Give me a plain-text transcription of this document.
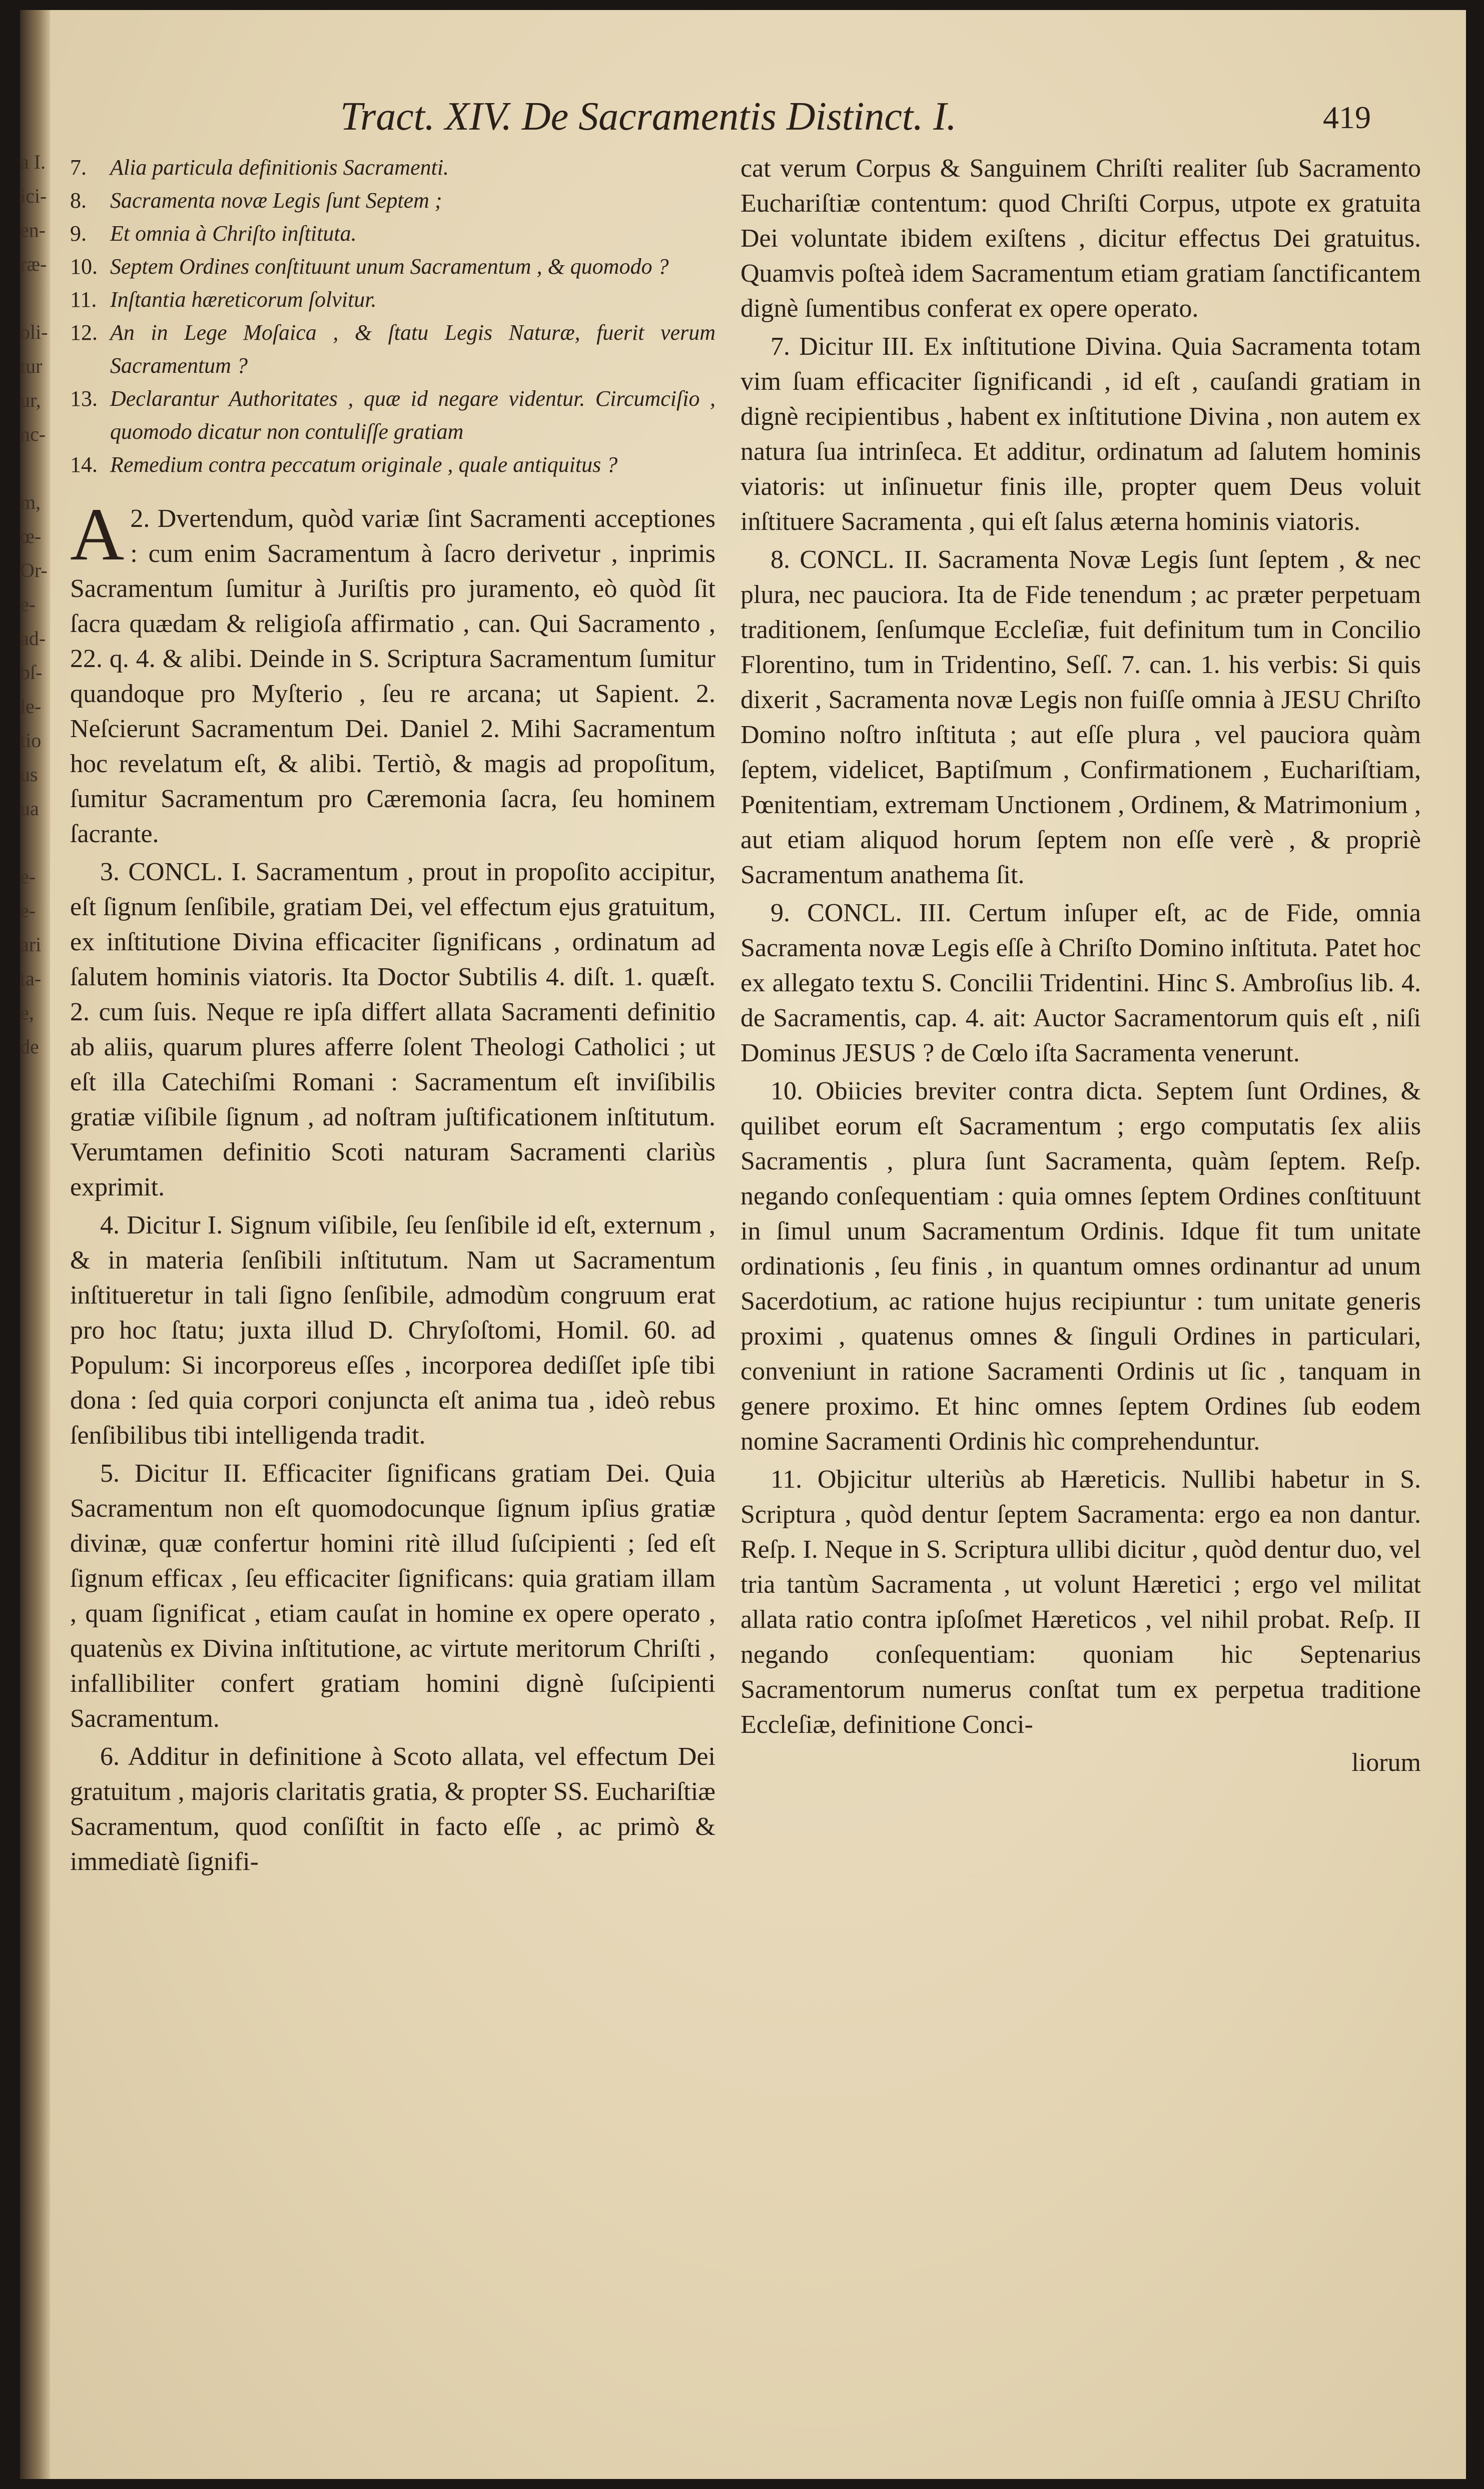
a I.
ici-
en-
ræ-
oli-
tur
ur,
nc-
m,
œ-
Or-
e-
ad-
bſ-
le-
tio
us
ua
e-
e-
ari
ta-
e,
de
Tract. XIV. De Sacramentis Distinct. I.	419
7.	Alia particula definitionis Sacramenti.
8.	Sacramenta novæ Legis ſunt Septem ;
9.	Et omnia à Chriſto inſtituta.
10. Septem Ordines conſtituunt unum Sacramentum , & quomodo ?
11. Inſtantia hæreticorum ſolvitur.
12. An in Lege Moſaica , & ſtatu Legis Naturæ, fuerit verum Sacramentum ?
13. Declarantur Authoritates , quæ id negare videntur. Circumciſio , quomodo dicatur non contuliſſe gratiam
14. Remedium contra peccatum originale , quale antiquitus ?

2.
A Dvertendum, quòd variæ ſint Sacramenti acceptiones : cum enim Sacramentum à ſacro derivetur , inprimis Sacramentum ſumitur à Juriſtis pro juramento, eò quòd ſit ſacra quædam & religioſa affirmatio , can. Qui Sacramento , 22. q. 4. & alibi. Deinde in S. Scriptura Sacramentum ſumitur quandoque pro Myſterio , ſeu re arcana; ut Sapient. 2. Neſcierunt Sacramentum Dei. Daniel 2. Mihi Sacramentum hoc revelatum eſt, & alibi. Tertiò, & magis ad propoſitum, ſumitur Sacramentum pro Cæremonia ſacra, ſeu hominem ſacrante.

3. CONCL. I. Sacramentum , prout in propoſito accipitur, eſt ſignum ſenſibile, gratiam Dei, vel effectum ejus gratuitum, ex inſtitutione Divina efficaciter ſignificans , ordinatum ad ſalutem hominis viatoris. Ita Doctor Subtilis 4. diſt. 1. quæſt. 2. cum ſuis. Neque re ipſa differt allata Sacramenti definitio ab aliis, quarum plures afferre ſolent Theologi Catholici ; ut eſt illa Catechiſmi Romani : Sacramentum eſt inviſibilis gratiæ viſibile ſignum , ad noſtram juſtificationem inſtitutum. Verumtamen definitio Scoti naturam Sacramenti clariùs exprimit.

4. Dicitur I. Signum viſibile, ſeu ſenſibile id eſt, externum , & in materia ſenſibili inſtitutum. Nam ut Sacramentum inſtitueretur in tali ſigno ſenſibile, admodùm congruum erat pro hoc ſtatu; juxta illud D. Chryſoſtomi, Homil. 60. ad Populum: Si incorporeus eſſes , incorporea dediſſet ipſe tibi dona : ſed quia corpori conjuncta eſt anima tua , ideò rebus ſenſibilibus tibi intelligenda tradit.

5. Dicitur II. Efficaciter ſignificans gratiam Dei. Quia Sacramentum non eſt quomodocunque ſignum ipſius gratiæ divinæ, quæ confertur homini ritè illud ſuſcipienti ; ſed eſt ſignum efficax , ſeu efficaciter ſignificans: quia gratiam illam , quam ſignificat , etiam cauſat in homine ex opere operato , quatenùs ex Divina inſtitutione, ac virtute meritorum Chriſti , infallibiliter confert gratiam homini dignè ſuſcipienti Sacramentum.

6. Additur in definitione à Scoto allata, vel effectum Dei gratuitum , majoris claritatis gratia, & propter SS. Euchariſtiæ Sacramentum, quod conſiſtit in facto eſſe , ac primò & immediatè ſignifi-

cat verum Corpus & Sanguinem Chriſti realiter ſub Sacramento Euchariſtiæ contentum: quod Chriſti Corpus, utpote ex gratuita Dei voluntate ibidem exiſtens , dicitur effectus Dei gratuitus. Quamvis poſteà idem Sacramentum etiam gratiam ſanctificantem dignè ſumentibus conferat ex opere operato.

7. Dicitur III. Ex inſtitutione Divina. Quia Sacramenta totam vim ſuam efficaciter ſignificandi , id eſt , cauſandi gratiam in dignè recipientibus , habent ex inſtitutione Divina , non autem ex natura ſua intrinſeca. Et additur, ordinatum ad ſalutem hominis viatoris: ut inſinuetur finis ille, propter quem Deus voluit inſtituere Sacramenta , qui eſt ſalus æterna hominis viatoris.

8. CONCL. II. Sacramenta Novæ Legis ſunt ſeptem , & nec plura, nec pauciora. Ita de Fide tenendum ; ac præter perpetuam traditionem, ſenſumque Eccleſiæ, fuit definitum tum in Concilio Florentino, tum in Tridentino, Seſſ. 7. can. 1. his verbis: Si quis dixerit , Sacramenta novæ Legis non fuiſſe omnia à JESU Chriſto Domino noſtro inſtituta ; aut eſſe plura , vel pauciora quàm ſeptem, videlicet, Baptiſmum , Confirmationem , Euchariſtiam, Pœnitentiam, extremam Unctionem , Ordinem, & Matrimonium , aut etiam aliquod horum ſeptem non eſſe verè , & propriè Sacramentum anathema ſit.

9. CONCL. III. Certum inſuper eſt, ac de Fide, omnia Sacramenta novæ Legis eſſe à Chriſto Domino inſtituta. Patet hoc ex allegato textu S. Concilii Tridentini. Hinc S. Ambroſius lib. 4. de Sacramentis, cap. 4. ait: Auctor Sacramentorum quis eſt , niſi Dominus JESUS ? de Cœlo iſta Sacramenta venerunt.

10. Obiicies breviter contra dicta. Septem ſunt Ordines, & quilibet eorum eſt Sacramentum ; ergo computatis ſex aliis Sacramentis , plura ſunt Sacramenta, quàm ſeptem. Reſp. negando conſequentiam : quia omnes ſeptem Ordines conſtituunt in ſimul unum Sacramentum Ordinis. Idque fit tum unitate ordinationis , ſeu finis , in quantum omnes ordinantur ad unum Sacerdotium, ac ratione hujus recipiuntur : tum unitate generis proximi , quatenus omnes & ſinguli Ordines in particulari, conveniunt in ratione Sacramenti Ordinis ut ſic , tanquam in genere proximo. Et hinc omnes ſeptem Ordines ſub eodem nomine Sacramenti Ordinis hìc comprehenduntur.

11. Objicitur ulteriùs ab Hæreticis. Nullibi habetur in S. Scriptura , quòd dentur ſeptem Sacramenta: ergo ea non dantur. Reſp. I. Neque in S. Scriptura ullibi dicitur , quòd dentur duo, vel tria tantùm Sacramenta , ut volunt Hæretici ; ergo vel militat allata ratio contra ipſoſmet Hæreticos , vel nihil probat. Reſp. II negando conſequentiam: quoniam hic Septenarius Sacramentorum numerus conſtat tum ex perpetua traditione Eccleſiæ, definitione Conci-

liorum
